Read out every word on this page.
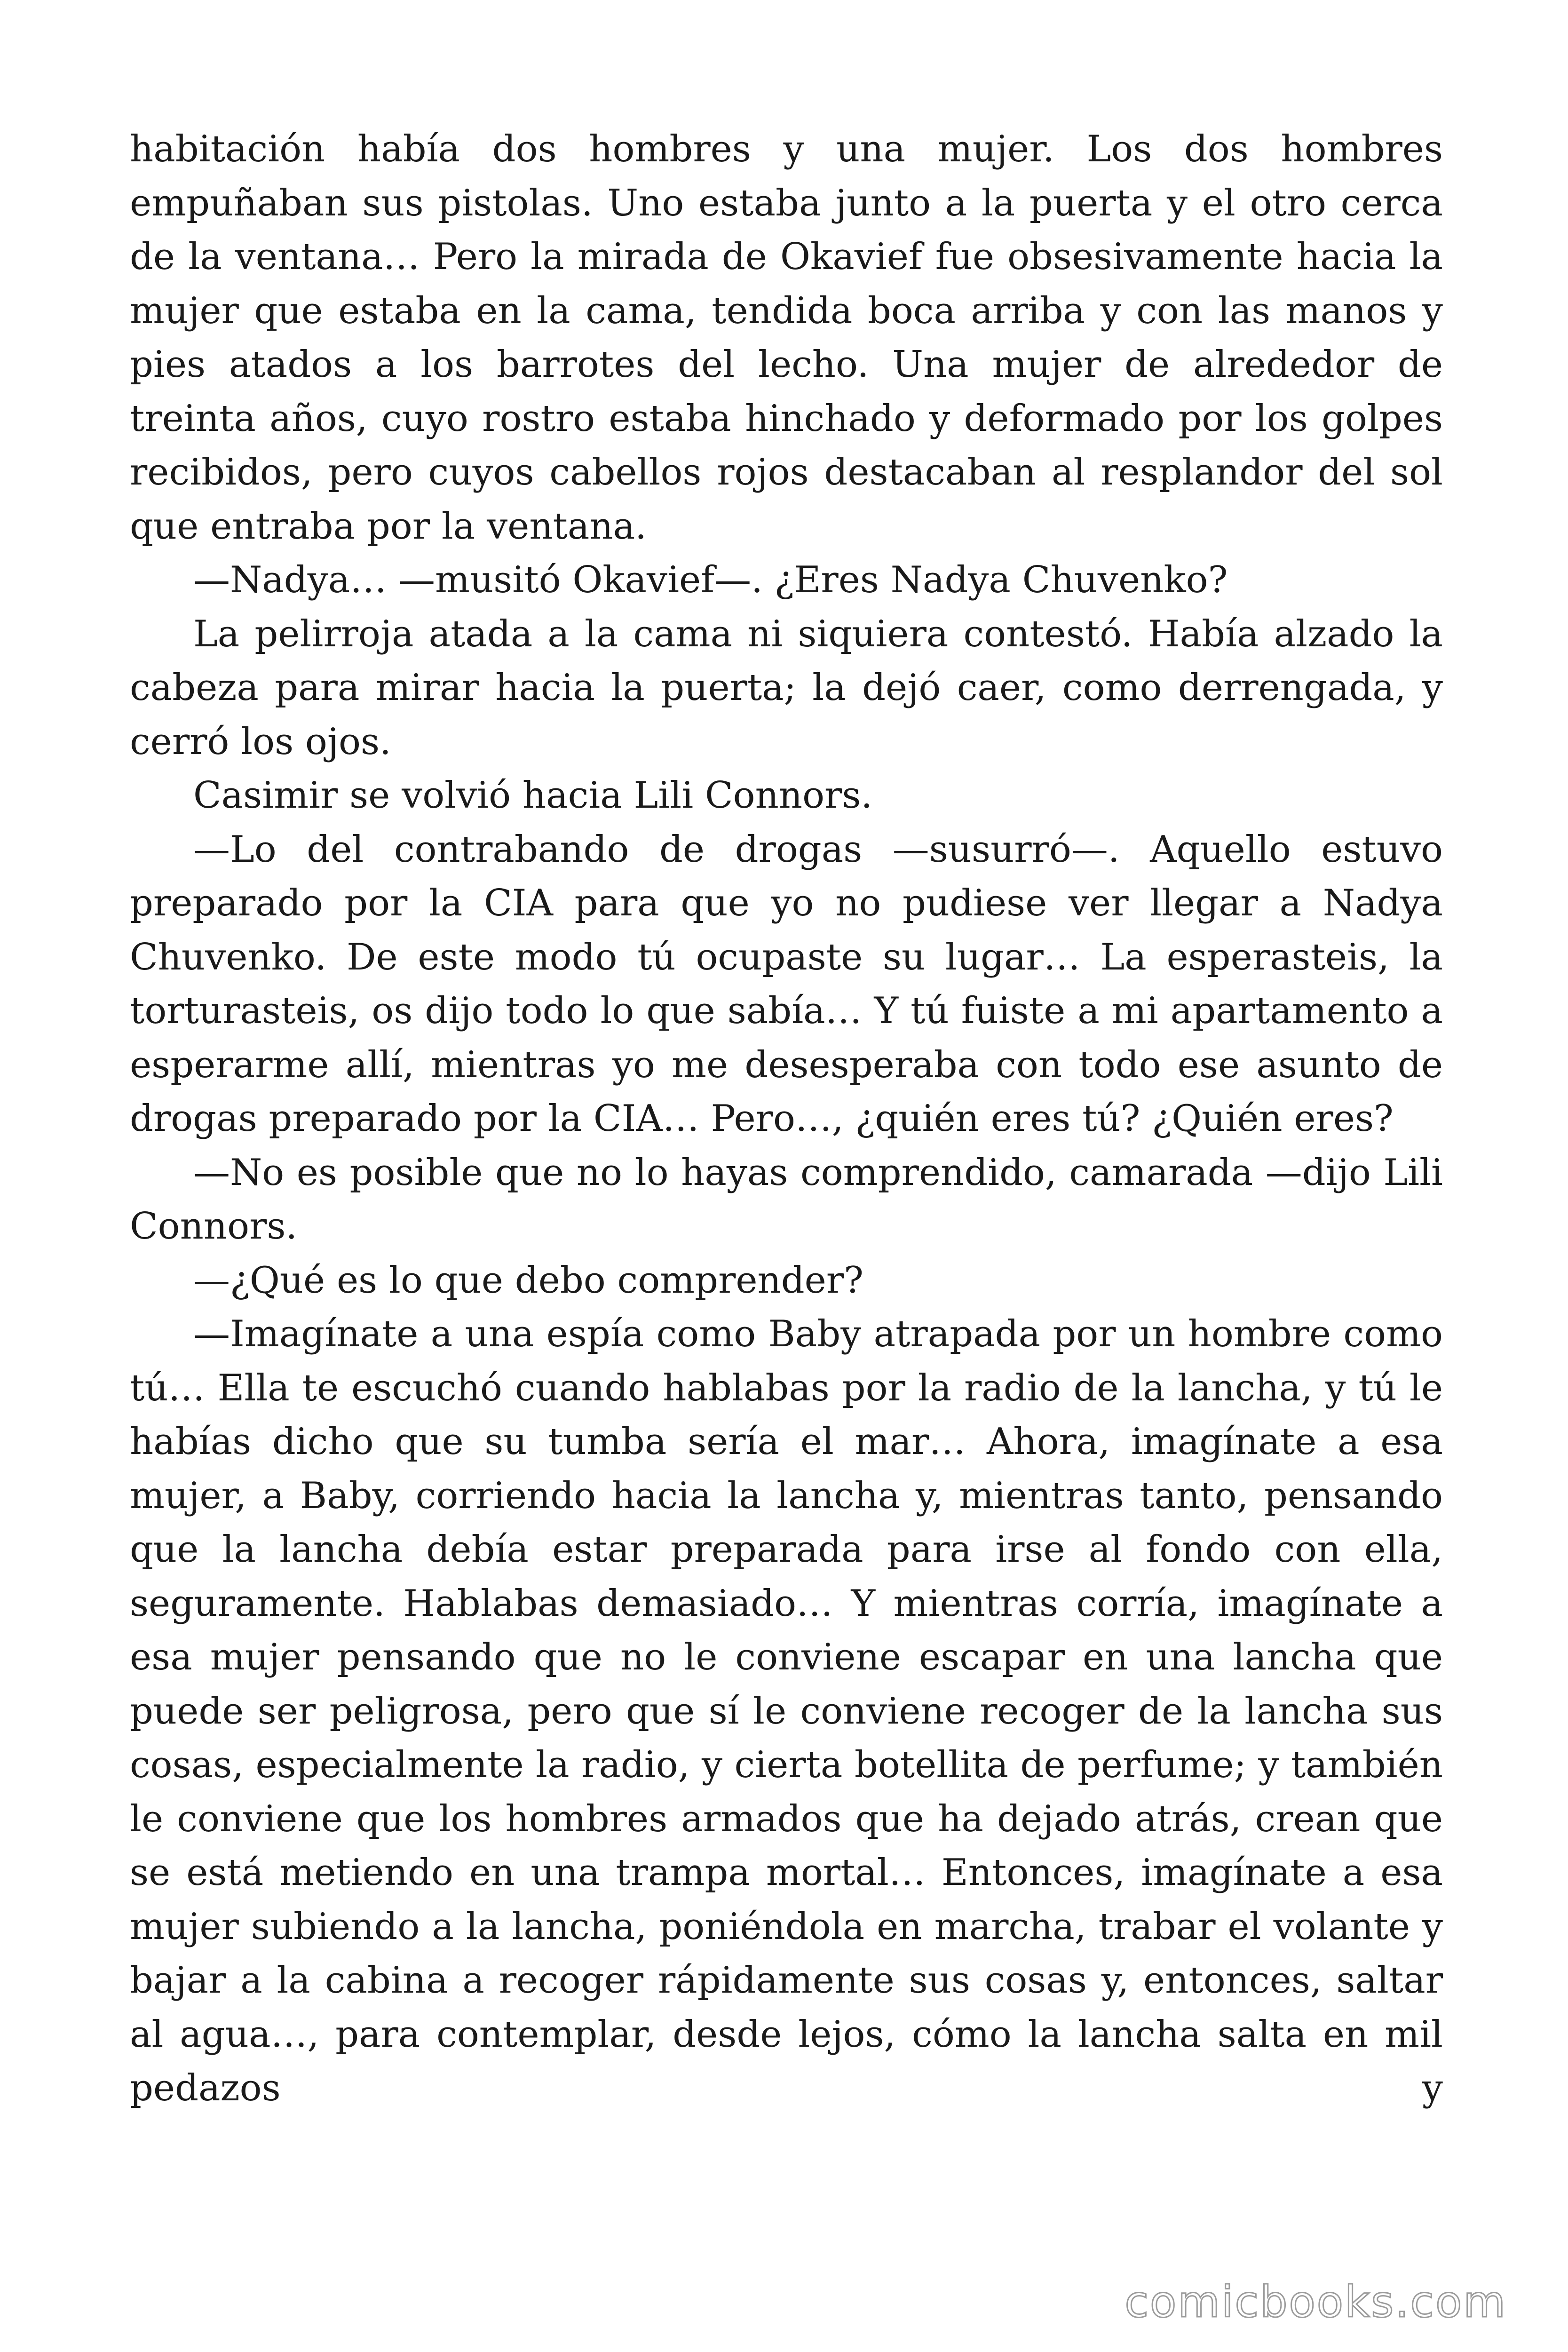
habitación había dos hombres y una mujer. Los dos hombres empuñaban sus pistolas. Uno estaba junto a la puerta y el otro cerca de la ventana… Pero la mirada de Okavief fue obsesivamente hacia la mujer que estaba en la cama, tendida boca arriba y con las manos y pies atados a los barrotes del lecho. Una mujer de alrededor de treinta años, cuyo rostro estaba hinchado y deformado por los golpes recibidos, pero cuyos cabellos rojos destacaban al resplandor del sol que entraba por la ventana.

—Nadya… —musitó Okavief—. ¿Eres Nadya Chuvenko?

La pelirroja atada a la cama ni siquiera contestó. Había alzado la cabeza para mirar hacia la puerta; la dejó caer, como derrengada, y cerró los ojos.

Casimir se volvió hacia Lili Connors.

—Lo del contrabando de drogas —susurró—. Aquello estuvo preparado por la CIA para que yo no pudiese ver llegar a Nadya Chuvenko. De este modo tú ocupaste su lugar… La esperasteis, la torturasteis, os dijo todo lo que sabía… Y tú fuiste a mi apartamento a esperarme allí, mientras yo me desesperaba con todo ese asunto de drogas preparado por la CIA… Pero…, ¿quién eres tú? ¿Quién eres?

—No es posible que no lo hayas comprendido, camarada —dijo Lili Connors.

—¿Qué es lo que debo comprender?

—Imagínate a una espía como Baby atrapada por un hombre como tú… Ella te escuchó cuando hablabas por la radio de la lancha, y tú le habías dicho que su tumba sería el mar… Ahora, imagínate a esa mujer, a Baby, corriendo hacia la lancha y, mientras tanto, pensando que la lancha debía estar preparada para irse al fondo con ella, seguramente. Hablabas demasiado… Y mientras corría, imagínate a esa mujer pensando que no le conviene escapar en una lancha que puede ser peligrosa, pero que sí le conviene recoger de la lancha sus cosas, especialmente la radio, y cierta botellita de perfume; y también le conviene que los hombres armados que ha dejado atrás, crean que se está metiendo en una trampa mortal… Entonces, imagínate a esa mujer subiendo a la lancha, poniéndola en marcha, trabar el volante y bajar a la cabina a recoger rápidamente sus cosas y, entonces, saltar al agua…, para contemplar, desde lejos, cómo la lancha salta en mil pedazos y

comicbooks.com
